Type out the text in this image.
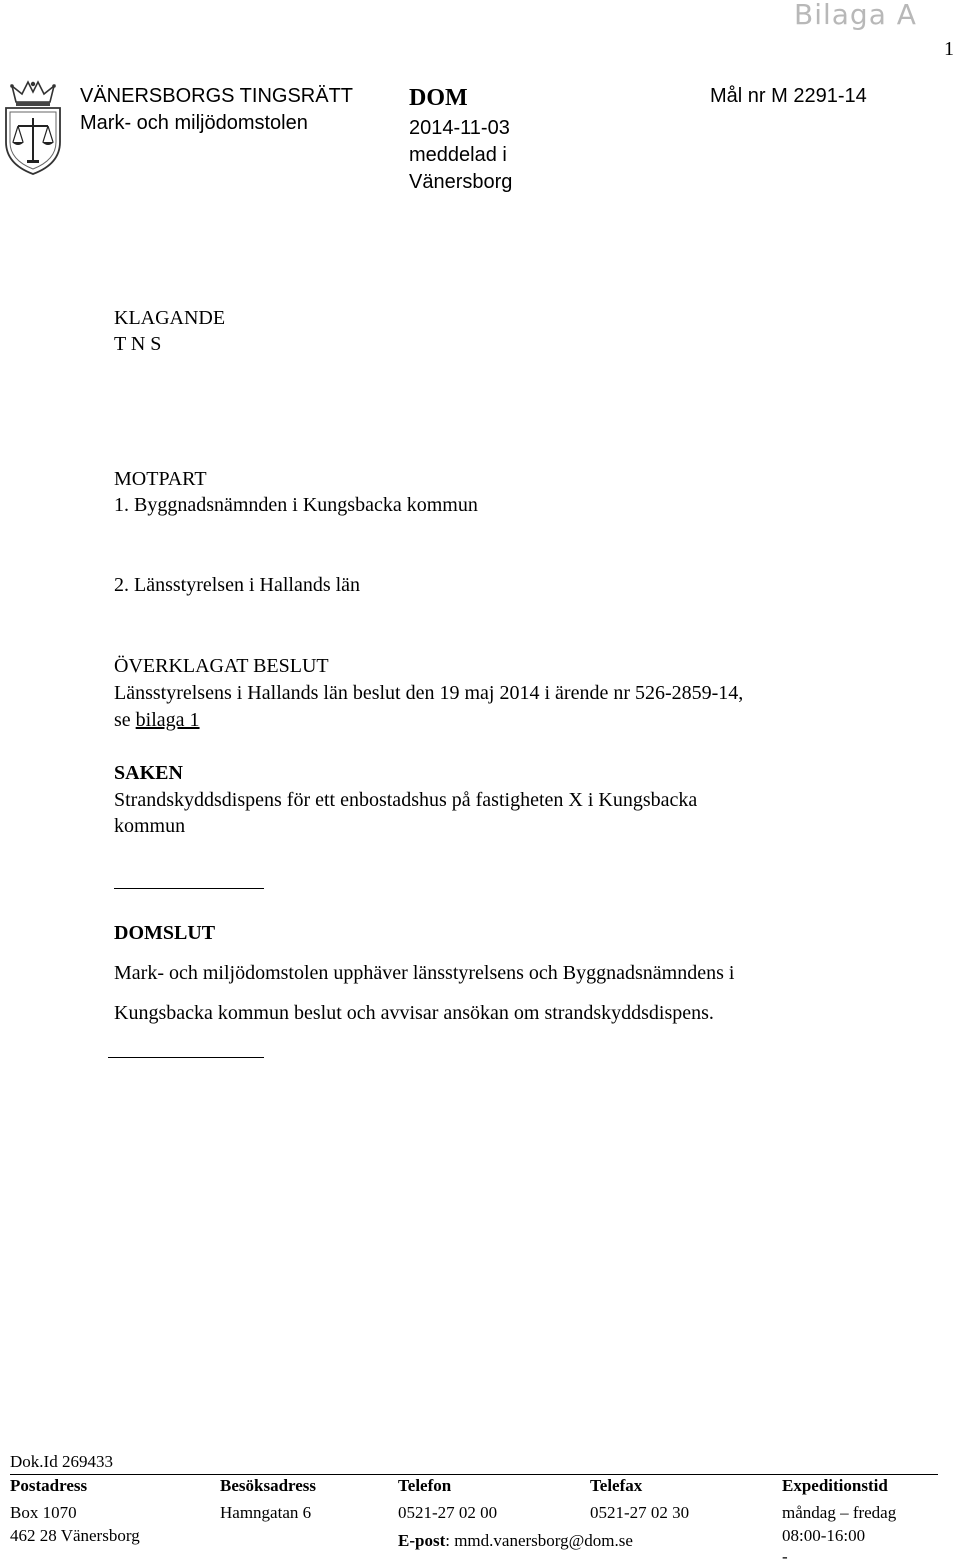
Bilaga A
1
VÄNERSBORGS TINGSRÄTT
Mark- och miljödomstolen
DOM
2014-11-03
meddelad i
Vänersborg
Mål nr M 2291-14
KLAGANDE
T N S
MOTPART
1. Byggnadsnämnden i Kungsbacka kommun
2. Länsstyrelsen i Hallands län
ÖVERKLAGAT BESLUT
Länsstyrelsens i Hallands län beslut den 19 maj 2014 i ärende nr 526-2859-14,
se bilaga 1
SAKEN
Strandskyddsdispens för ett enbostadshus på fastigheten X i Kungsbacka
kommun
DOMSLUT
Mark- och miljödomstolen upphäver länsstyrelsens och Byggnadsnämndens i
Kungsbacka kommun beslut och avvisar ansökan om strandskyddsdispens.
Dok.Id 269433
Postadress
Box 1070
462 28 Vänersborg
Besöksadress
Hamngatan 6
Telefon
0521-27 02 00
E-post: mmd.vanersborg@dom.se
Telefax
0521-27 02 30
Expeditionstid
måndag – fredag
08:00-16:00
-
